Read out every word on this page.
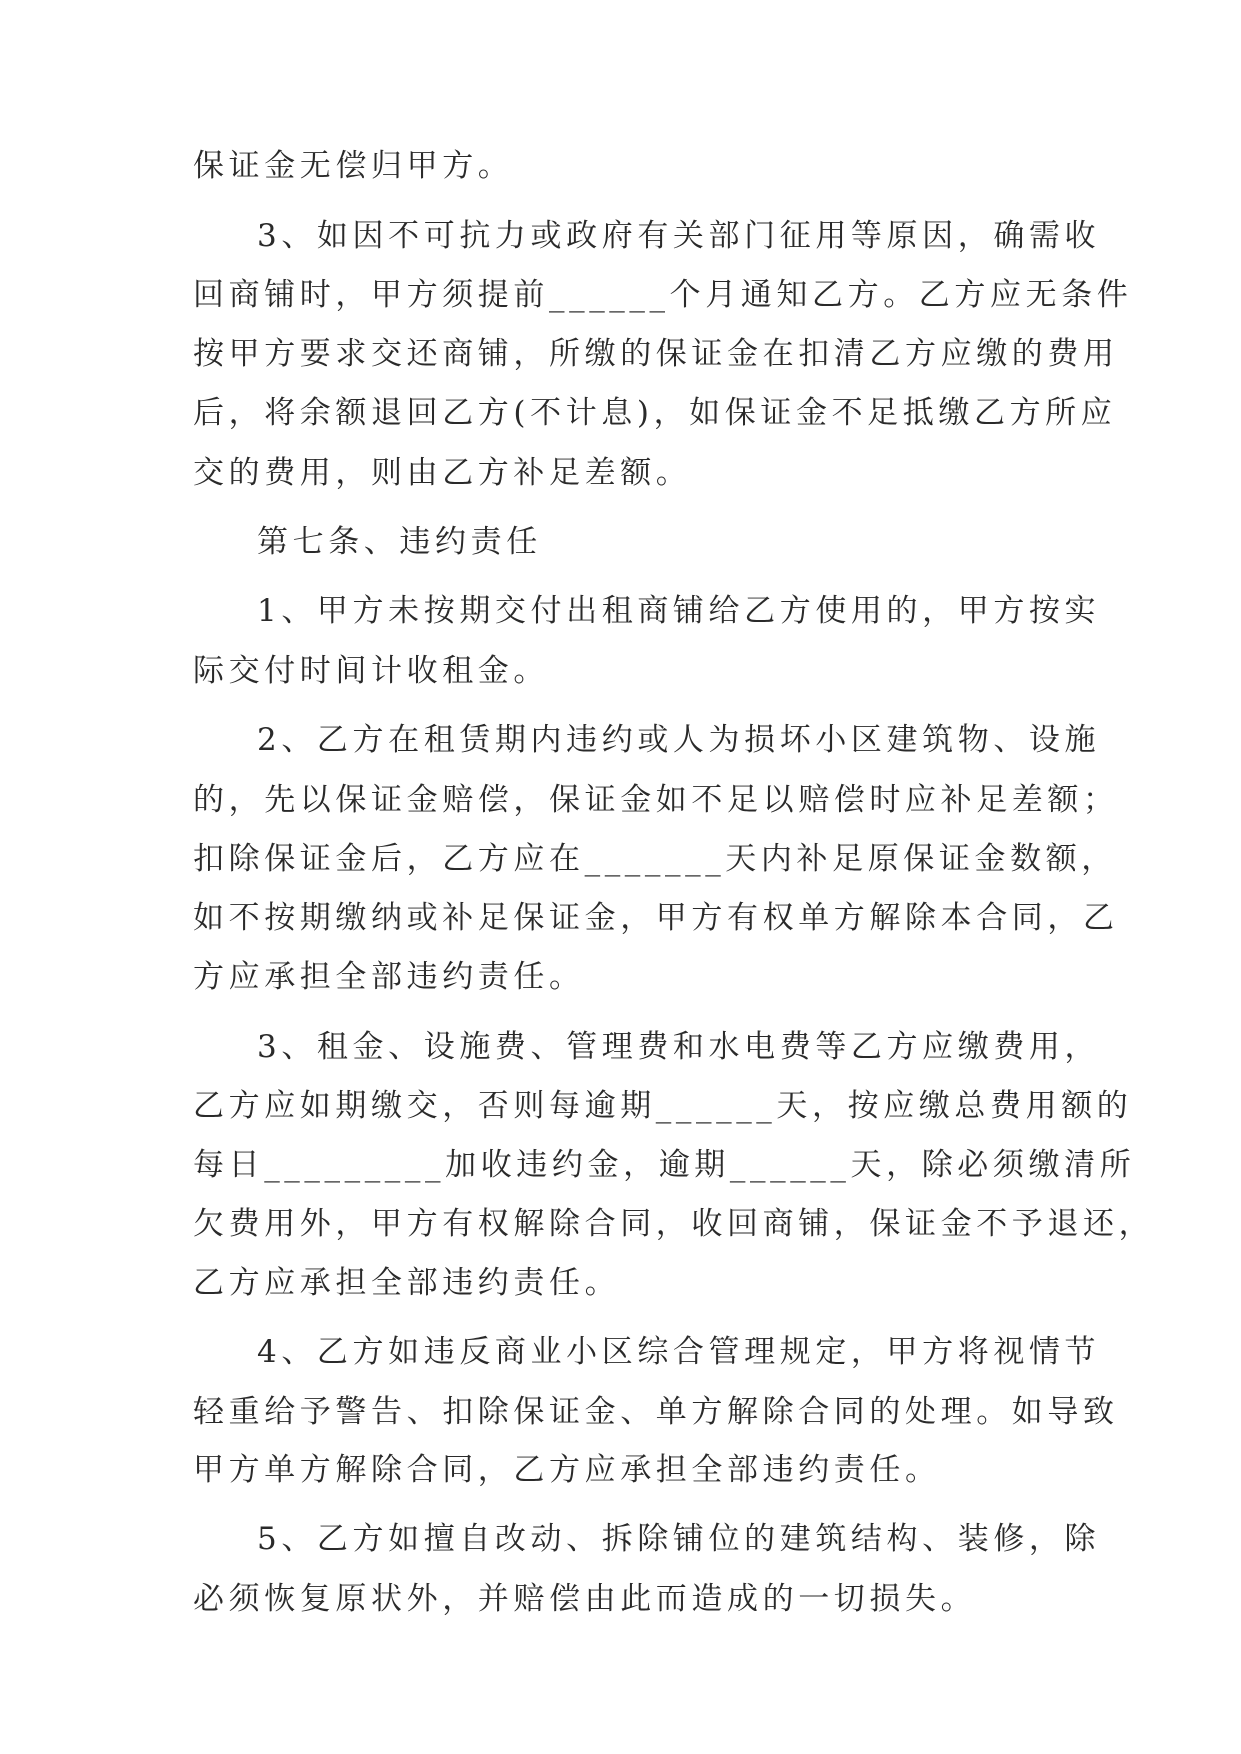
保证金无偿归甲方。
3、如因不可抗力或政府有关部门征用等原因，确需收
回商铺时，甲方须提前______个月通知乙方。乙方应无条件
按甲方要求交还商铺，所缴的保证金在扣清乙方应缴的费用
后，将余额退回乙方(不计息)，如保证金不足抵缴乙方所应
交的费用，则由乙方补足差额。
第七条、违约责任
1、甲方未按期交付出租商铺给乙方使用的，甲方按实
际交付时间计收租金。
2、乙方在租赁期内违约或人为损坏小区建筑物、设施
的，先以保证金赔偿，保证金如不足以赔偿时应补足差额；
扣除保证金后，乙方应在_______天内补足原保证金数额，
如不按期缴纳或补足保证金，甲方有权单方解除本合同，乙
方应承担全部违约责任。
3、租金、设施费、管理费和水电费等乙方应缴费用，
乙方应如期缴交，否则每逾期______天，按应缴总费用额的
每日_________加收违约金，逾期______天，除必须缴清所
欠费用外，甲方有权解除合同，收回商铺，保证金不予退还，
乙方应承担全部违约责任。
4、乙方如违反商业小区综合管理规定，甲方将视情节
轻重给予警告、扣除保证金、单方解除合同的处理。如导致
甲方单方解除合同，乙方应承担全部违约责任。
5、乙方如擅自改动、拆除铺位的建筑结构、装修，除
必须恢复原状外，并赔偿由此而造成的一切损失。
